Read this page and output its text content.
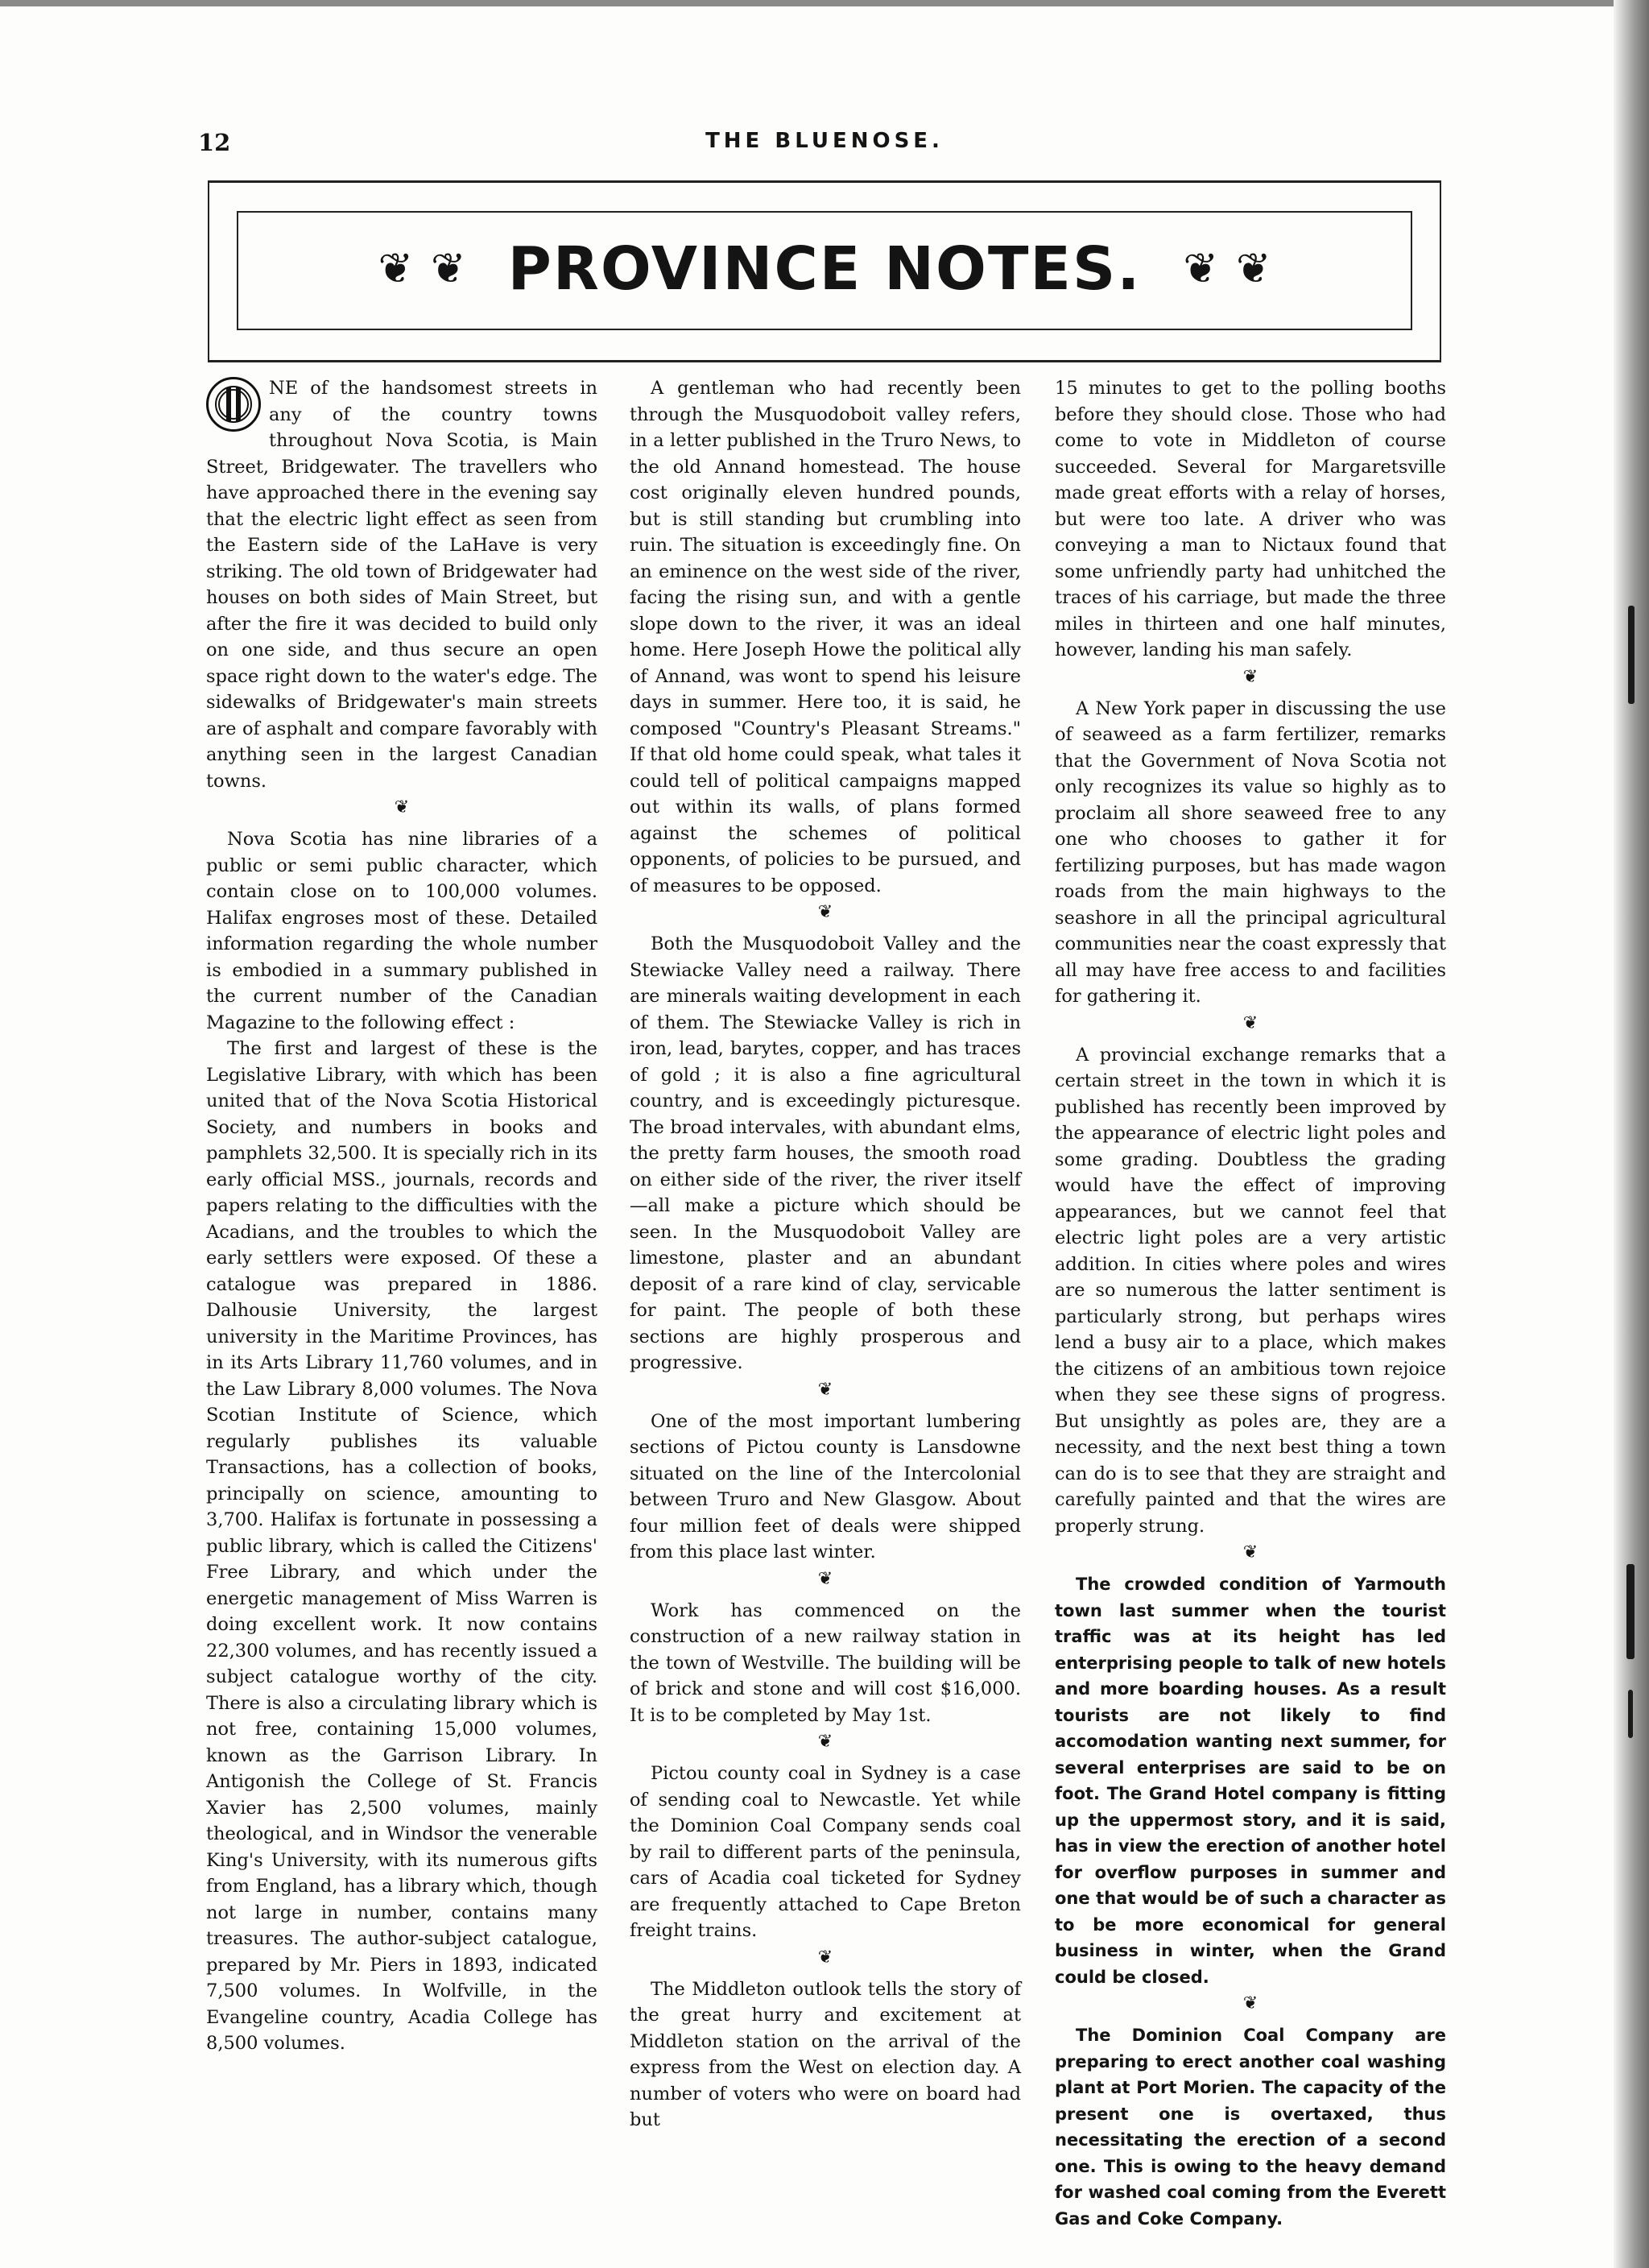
12	THE BLUENOSE.
❦ ❦ PROVINCE NOTES. ❦ ❦

NE of the handsomest streets in any of the country towns throughout Nova Scotia, is Main Street, Bridgewater. The travellers who have approached there in the evening say that the electric light effect as seen from the Eastern side of the LaHave is very striking. The old town of Bridgewater had houses on both sides of Main Street, but after the fire it was decided to build only on one side, and thus secure an open space right down to the water's edge. The sidewalks of Bridgewater's main streets are of asphalt and compare favorably with anything seen in the largest Canadian towns.

❦

Nova Scotia has nine libraries of a public or semi public character, which contain close on to 100,000 volumes. Halifax engroses most of these. Detailed information regarding the whole number is embodied in a summary published in the current number of the Canadian Magazine to the following effect :

The first and largest of these is the Legislative Library, with which has been united that of the Nova Scotia Historical Society, and numbers in books and pamphlets 32,500. It is specially rich in its early official MSS., journals, records and papers relating to the difficulties with the Acadians, and the troubles to which the early settlers were exposed. Of these a catalogue was prepared in 1886. Dalhousie University, the largest university in the Maritime Provinces, has in its Arts Library 11,760 volumes, and in the Law Library 8,000 volumes. The Nova Scotian Institute of Science, which regularly publishes its valuable Transactions, has a collection of books, principally on science, amounting to 3,700. Halifax is fortunate in possessing a public library, which is called the Citizens' Free Library, and which under the energetic management of Miss Warren is doing excellent work. It now contains 22,300 volumes, and has recently issued a subject catalogue worthy of the city. There is also a circulating library which is not free, containing 15,000 volumes, known as the Garrison Library. In Antigonish the College of St. Francis Xavier has 2,500 volumes, mainly theological, and in Windsor the venerable King's University, with its numerous gifts from England, has a library which, though not large in number, contains many treasures. The author-subject catalogue, prepared by Mr. Piers in 1893, indicated 7,500 volumes. In Wolfville, in the Evangeline country, Acadia College has 8,500 volumes.

A gentleman who had recently been through the Musquodoboit valley refers, in a letter published in the Truro News, to the old Annand homestead. The house cost originally eleven hundred pounds, but is still standing but crumbling into ruin. The situation is exceedingly fine. On an eminence on the west side of the river, facing the rising sun, and with a gentle slope down to the river, it was an ideal home. Here Joseph Howe the political ally of Annand, was wont to spend his leisure days in summer. Here too, it is said, he composed "Country's Pleasant Streams." If that old home could speak, what tales it could tell of political campaigns mapped out within its walls, of plans formed against the schemes of political opponents, of policies to be pursued, and of measures to be opposed.

❦

Both the Musquodoboit Valley and the Stewiacke Valley need a railway. There are minerals waiting development in each of them. The Stewiacke Valley is rich in iron, lead, barytes, copper, and has traces of gold ; it is also a fine agricultural country, and is exceedingly picturesque. The broad intervales, with abundant elms, the pretty farm houses, the smooth road on either side of the river, the river itself—all make a picture which should be seen. In the Musquodoboit Valley are limestone, plaster and an abundant deposit of a rare kind of clay, servicable for paint. The people of both these sections are highly prosperous and progressive.

❦

One of the most important lumbering sections of Pictou county is Lansdowne situated on the line of the Intercolonial between Truro and New Glasgow. About four million feet of deals were shipped from this place last winter.

❦

Work has commenced on the construction of a new railway station in the town of Westville. The building will be of brick and stone and will cost $16,000. It is to be completed by May 1st.

❦

Pictou county coal in Sydney is a case of sending coal to Newcastle. Yet while the Dominion Coal Company sends coal by rail to different parts of the peninsula, cars of Acadia coal ticketed for Sydney are frequently attached to Cape Breton freight trains.

❦

The Middleton outlook tells the story of the great hurry and excitement at Middleton station on the arrival of the express from the West on election day. A number of voters who were on board had but

15 minutes to get to the polling booths before they should close. Those who had come to vote in Middleton of course succeeded. Several for Margaretsville made great efforts with a relay of horses, but were too late. A driver who was conveying a man to Nictaux found that some unfriendly party had unhitched the traces of his carriage, but made the three miles in thirteen and one half minutes, however, landing his man safely.

❦

A New York paper in discussing the use of seaweed as a farm fertilizer, remarks that the Government of Nova Scotia not only recognizes its value so highly as to proclaim all shore seaweed free to any one who chooses to gather it for fertilizing purposes, but has made wagon roads from the main highways to the seashore in all the principal agricultural communities near the coast expressly that all may have free access to and facilities for gathering it.

❦

A provincial exchange remarks that a certain street in the town in which it is published has recently been improved by the appearance of electric light poles and some grading. Doubtless the grading would have the effect of improving appearances, but we cannot feel that electric light poles are a very artistic addition. In cities where poles and wires are so numerous the latter sentiment is particularly strong, but perhaps wires lend a busy air to a place, which makes the citizens of an ambitious town rejoice when they see these signs of progress. But unsightly as poles are, they are a necessity, and the next best thing a town can do is to see that they are straight and carefully painted and that the wires are properly strung.

❦

The crowded condition of Yarmouth town last summer when the tourist traffic was at its height has led enterprising people to talk of new hotels and more boarding houses. As a result tourists are not likely to find accomodation wanting next summer, for several enterprises are said to be on foot. The Grand Hotel company is fitting up the uppermost story, and it is said, has in view the erection of another hotel for overflow purposes in summer and one that would be of such a character as to be more economical for general business in winter, when the Grand could be closed.

❦

The Dominion Coal Company are preparing to erect another coal washing plant at Port Morien. The capacity of the present one is overtaxed, thus necessitating the erection of a second one. This is owing to the heavy demand for washed coal coming from the Everett Gas and Coke Company.
